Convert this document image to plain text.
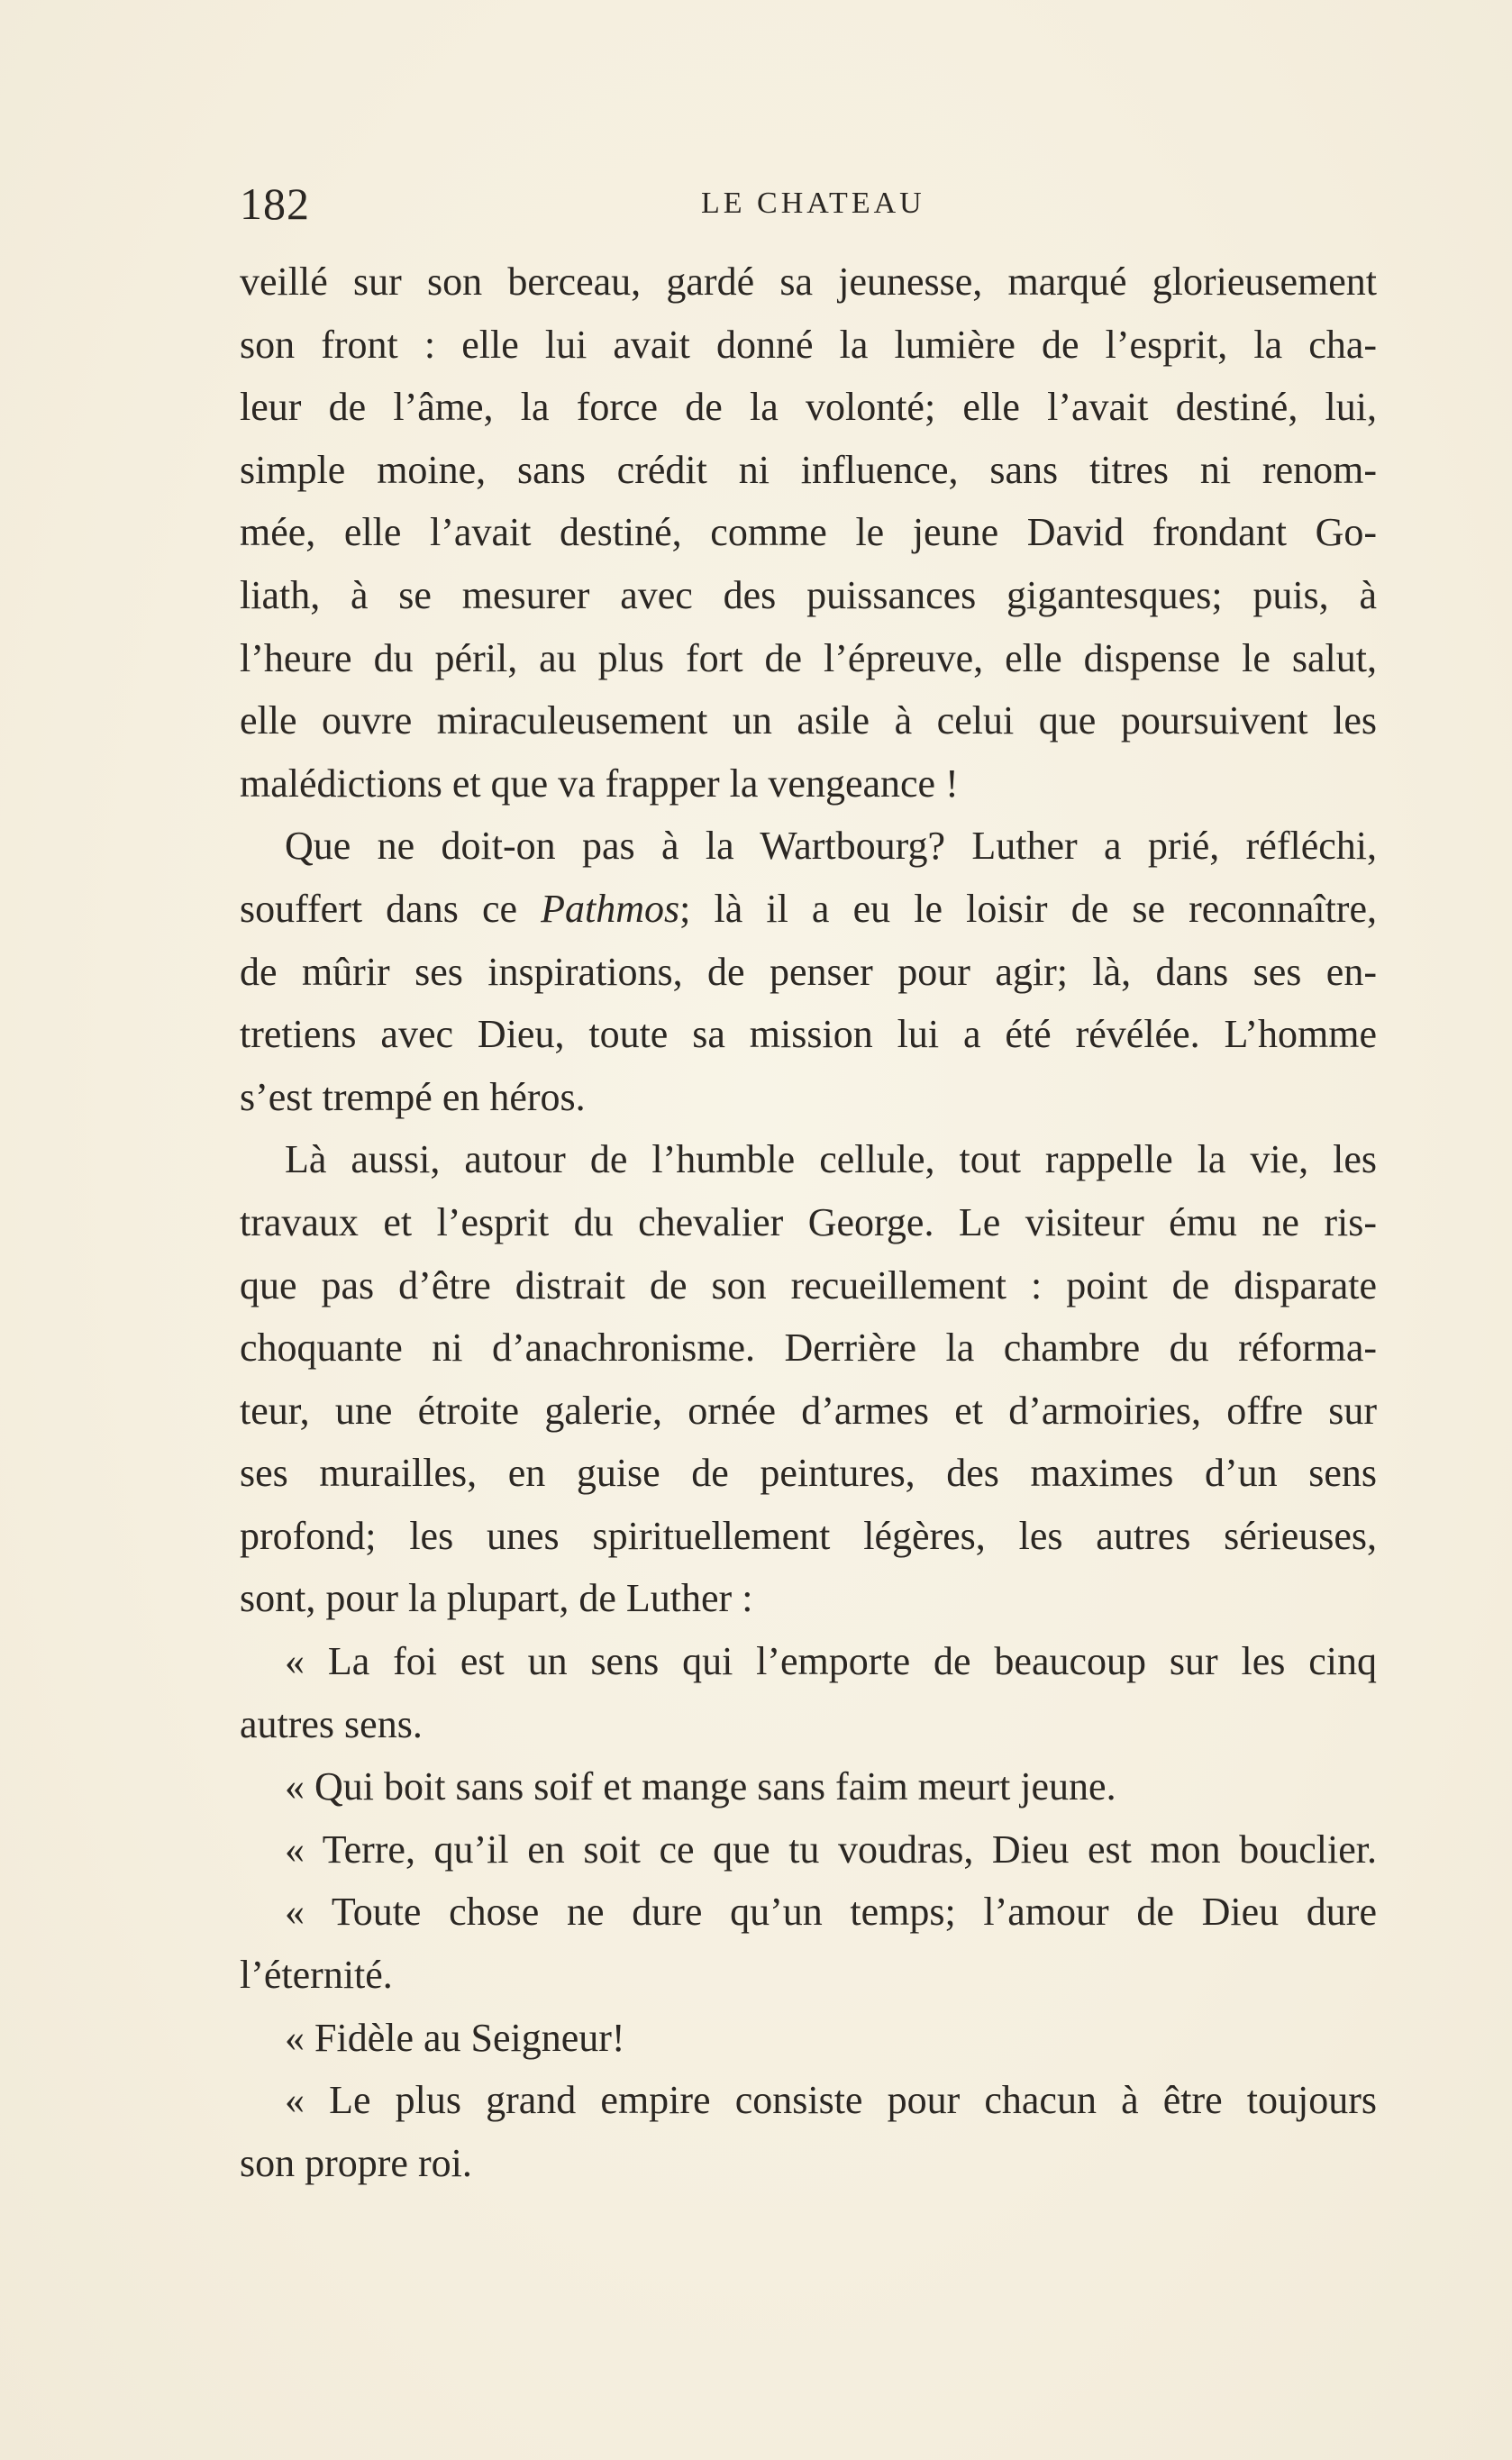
182	LE CHATEAU
veillé sur son berceau, gardé sa jeunesse, marqué glorieusement
son front : elle lui avait donné la lumière de l’esprit, la cha-
leur de l’âme, la force de la volonté; elle l’avait destiné, lui,
simple moine, sans crédit ni influence, sans titres ni renom-
mée, elle l’avait destiné, comme le jeune David frondant Go-
liath, à se mesurer avec des puissances gigantesques; puis, à
l’heure du péril, au plus fort de l’épreuve, elle dispense le salut,
elle ouvre miraculeusement un asile à celui que poursuivent les
malédictions et que va frapper la vengeance !
Que ne doit-on pas à la Wartbourg? Luther a prié, réfléchi,
souffert dans ce Pathmos; là il a eu le loisir de se reconnaître,
de mûrir ses inspirations, de penser pour agir; là, dans ses en-
tretiens avec Dieu, toute sa mission lui a été révélée. L’homme
s’est trempé en héros.
Là aussi, autour de l’humble cellule, tout rappelle la vie, les
travaux et l’esprit du chevalier George. Le visiteur ému ne ris-
que pas d’être distrait de son recueillement : point de disparate
choquante ni d’anachronisme. Derrière la chambre du réforma-
teur, une étroite galerie, ornée d’armes et d’armoiries, offre sur
ses murailles, en guise de peintures, des maximes d’un sens
profond; les unes spirituellement légères, les autres sérieuses,
sont, pour la plupart, de Luther :
« La foi est un sens qui l’emporte de beaucoup sur les cinq
autres sens.
« Qui boit sans soif et mange sans faim meurt jeune.
« Terre, qu’il en soit ce que tu voudras, Dieu est mon bouclier.
« Toute chose ne dure qu’un temps; l’amour de Dieu dure
l’éternité.
« Fidèle au Seigneur!
« Le plus grand empire consiste pour chacun à être toujours
son propre roi.
